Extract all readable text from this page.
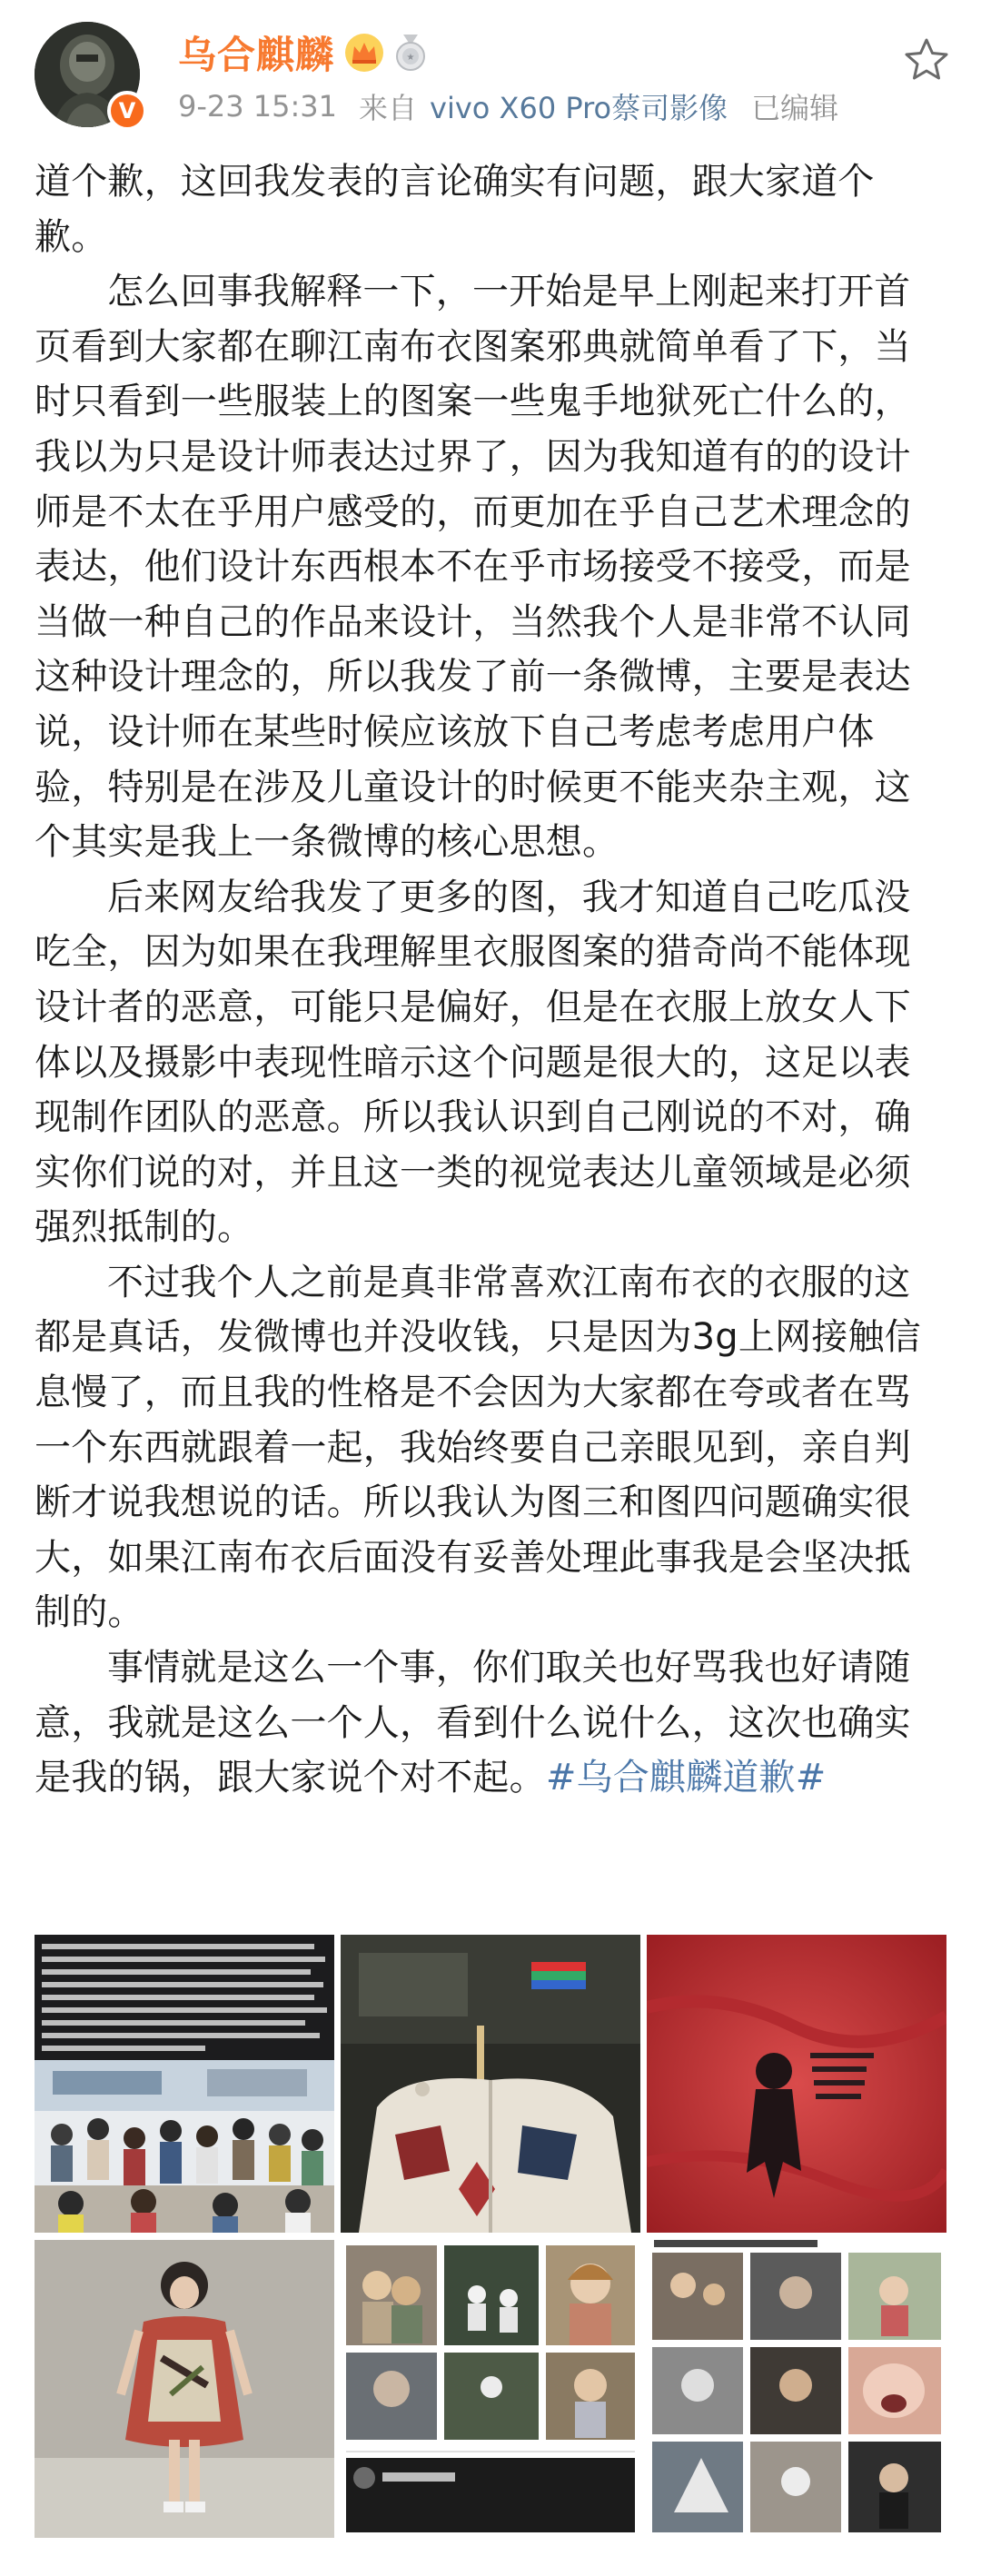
V
乌合麒麟	★
9-23 15:31 来自 vivo X60 Pro蔡司影像 已编辑

道个歉，这回我发表的言论确实有问题，跟大家道个歉。

怎么回事我解释一下，一开始是早上刚起来打开首页看到大家都在聊江南布衣图案邪典就简单看了下，当时只看到一些服装上的图案一些鬼手地狱死亡什么的，我以为只是设计师表达过界了，因为我知道有的的设计师是不太在乎用户感受的，而更加在乎自己艺术理念的表达，他们设计东西根本不在乎市场接受不接受，而是当做一种自己的作品来设计，当然我个人是非常不认同这种设计理念的，所以我发了前一条微博，主要是表达说，设计师在某些时候应该放下自己考虑考虑用户体验，特别是在涉及儿童设计的时候更不能夹杂主观，这个其实是我上一条微博的核心思想。

后来网友给我发了更多的图，我才知道自己吃瓜没吃全，因为如果在我理解里衣服图案的猎奇尚不能体现设计者的恶意，可能只是偏好，但是在衣服上放女人下体以及摄影中表现性暗示这个问题是很大的，这足以表现制作团队的恶意。所以我认识到自己刚说的不对，确实你们说的对，并且这一类的视觉表达儿童领域是必须强烈抵制的。

不过我个人之前是真非常喜欢江南布衣的衣服的这都是真话，发微博也并没收钱，只是因为3g上网接触信息慢了，而且我的性格是不会因为大家都在夸或者在骂一个东西就跟着一起，我始终要自己亲眼见到，亲自判断才说我想说的话。所以我认为图三和图四问题确实很大，如果江南布衣后面没有妥善处理此事我是会坚决抵制的。

事情就是这么一个事，你们取关也好骂我也好请随意，我就是这么一个人，看到什么说什么，这次也确实是我的锅，跟大家说个对不起。#乌合麒麟道歉#
